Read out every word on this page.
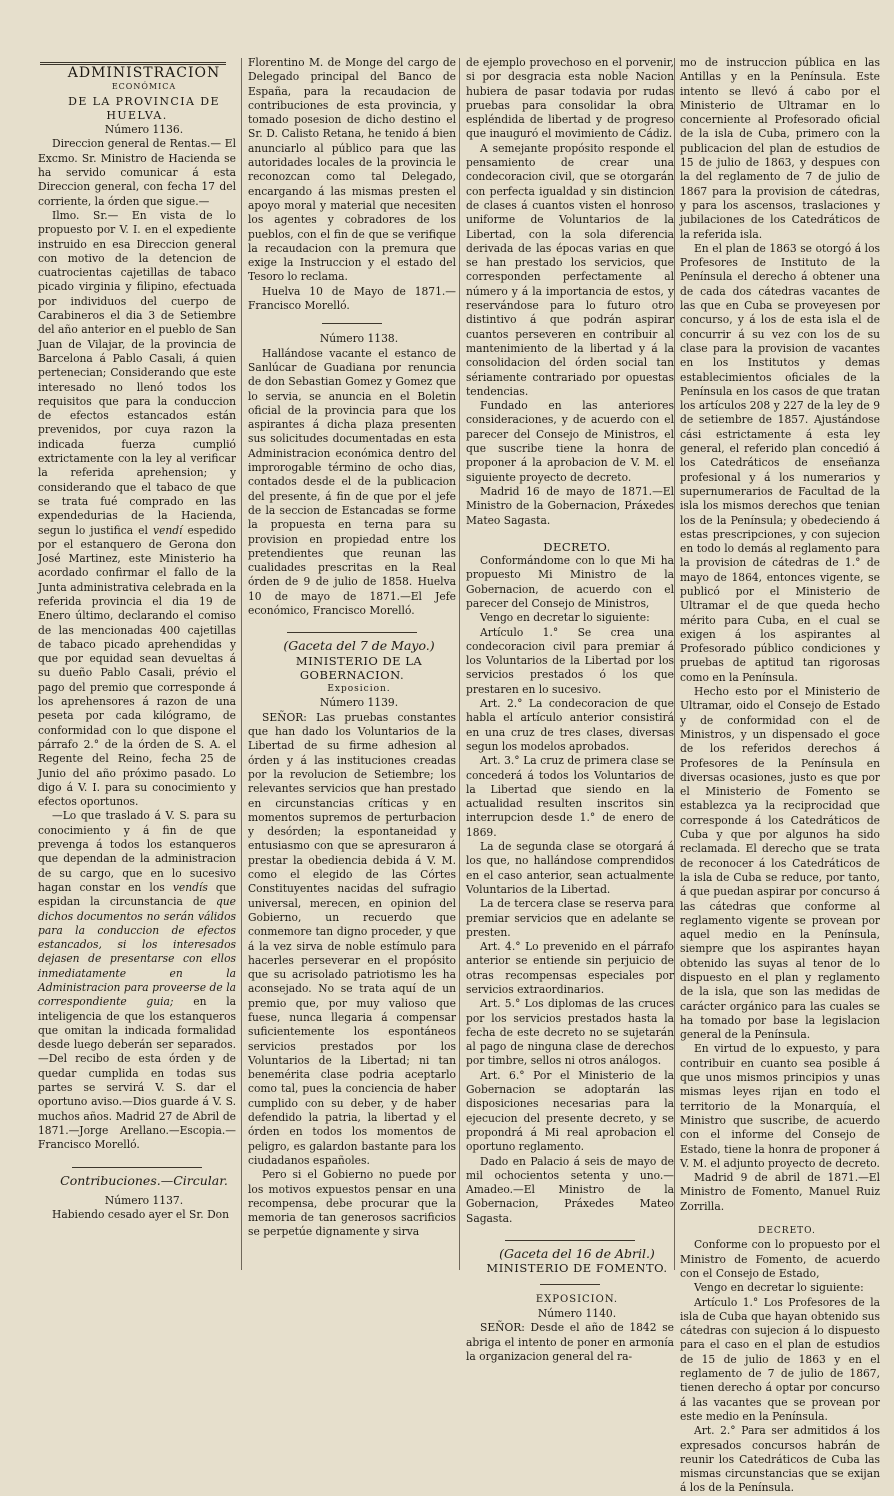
ADMINISTRACION

ECONÓMICA

DE LA PROVINCIA DE HUELVA.

Número 1136.

Direccion general de Rentas.— El Excmo. Sr. Ministro de Hacienda se ha servido comunicar á esta Direccion general, con fecha 17 del corriente, la órden que sigue.—

Ilmo. Sr.— En vista de lo propuesto por V. I. en el expediente instruido en esa Direccion general con motivo de la detencion de cuatrocientas cajetillas de tabaco picado virginia y filipino, efectuada por individuos del cuerpo de Carabineros el dia 3 de Setiembre del año anterior en el pueblo de San Juan de Vilajar, de la provincia de Barcelona á Pablo Casali, á quien pertenecian; Considerando que este interesado no llenó todos los requisitos que para la conduccion de efectos estancados están prevenidos, por cuya razon la indicada fuerza cumplió extrictamente con la ley al verificar la referida aprehension; y considerando que el tabaco de que se trata fué comprado en las expendedurias de la Hacienda, segun lo justifica el vendí espedido por el estanquero de Gerona don José Martinez, este Ministerio ha acordado confirmar el fallo de la Junta administrativa celebrada en la referida provincia el dia 19 de Enero último, declarando el comiso de las mencionadas 400 cajetillas de tabaco picado aprehendidas y que por equidad sean devueltas á su dueño Pablo Casali, prévio el pago del premio que corresponde á los aprehensores á razon de una peseta por cada kilógramo, de conformidad con lo que dispone el párrafo 2.° de la órden de S. A. el Regente del Reino, fecha 25 de Junio del año próximo pasado. Lo digo á V. I. para su conocimiento y efectos oportunos.

—Lo que traslado á V. S. para su conocimiento y á fin de que prevenga á todos los estanqueros que dependan de la administracion de su cargo, que en lo sucesivo hagan constar en los vendís que espidan la circunstancia de que dichos documentos no serán válidos para la conduccion de efectos estancados, si los interesados dejasen de presentarse con ellos inmediatamente en la Administracion para proveerse de la correspondiente guia; en la inteligencia de que los estanqueros que omitan la indicada formalidad desde luego deberán ser separados.—Del recibo de esta órden y de quedar cumplida en todas sus partes se servirá V. S. dar el oportuno aviso.—Dios guarde á V. S. muchos años. Madrid 27 de Abril de 1871.—Jorge Arellano.—Escopia.—Francisco Morelló.

Contribuciones.—Circular.

Número 1137.

Habiendo cesado ayer el Sr. Don

Florentino M. de Monge del cargo de Delegado principal del Banco de España, para la recaudacion de contribuciones de esta provincia, y tomado posesion de dicho destino el Sr. D. Calisto Retana, he tenido á bien anunciarlo al público para que las autoridades locales de la provincia le reconozcan como tal Delegado, encargando á las mismas presten el apoyo moral y material que necesiten los agentes y cobradores de los pueblos, con el fin de que se verifique la recaudacion con la premura que exige la Instruccion y el estado del Tesoro lo reclama.

Huelva 10 de Mayo de 1871.— Francisco Morelló.

Número 1138.

Hallándose vacante el estanco de Sanlúcar de Guadiana por renuncia de don Sebastian Gomez y Gomez que lo servia, se anuncia en el Boletin oficial de la provincia para que los aspirantes á dicha plaza presenten sus solicitudes documentadas en esta Administracion económica dentro del improrogable término de ocho dias, contados desde el de la publicacion del presente, á fin de que por el jefe de la seccion de Estancadas se forme la propuesta en terna para su provision en propiedad entre los pretendientes que reunan las cualidades prescritas en la Real órden de 9 de julio de 1858. Huelva 10 de mayo de 1871.—El Jefe económico, Francisco Morelló.

(Gaceta del 7 de Mayo.)

MINISTERIO DE LA GOBERNACION.

Exposicion.

Número 1139.

SEÑOR: Las pruebas constantes que han dado los Voluntarios de la Libertad de su firme adhesion al órden y á las instituciones creadas por la revolucion de Setiembre; los relevantes servicios que han prestado en circunstancias críticas y en momentos supremos de perturbacion y desórden; la espontaneidad y entusiasmo con que se apresuraron á prestar la obediencia debida á V. M. como el elegido de las Córtes Constituyentes nacidas del sufragio universal, merecen, en opinion del Gobierno, un recuerdo que conmemore tan digno proceder, y que á la vez sirva de noble estímulo para hacerles perseverar en el propósito que su acrisolado patriotismo les ha aconsejado. No se trata aquí de un premio que, por muy valioso que fuese, nunca llegaria á compensar suficientemente los espontáneos servicios prestados por los Voluntarios de la Libertad; ni tan benemérita clase podria aceptarlo como tal, pues la conciencia de haber cumplido con su deber, y de haber defendido la patria, la libertad y el órden en todos los momentos de peligro, es galardon bastante para los ciudadanos españoles.

Pero si el Gobierno no puede por los motivos expuestos pensar en una recompensa, debe procurar que la memoria de tan generosos sacrificios se perpetúe dignamente y sirva

de ejemplo provechoso en el porvenir, si por desgracia esta noble Nacion hubiera de pasar todavia por rudas pruebas para consolidar la obra espléndida de libertad y de progreso que inauguró el movimiento de Cádiz.

A semejante propósito responde el pensamiento de crear una condecoracion civil, que se otorgarán con perfecta igualdad y sin distincion de clases á cuantos visten el honroso uniforme de Voluntarios de la Libertad, con la sola diferencia derivada de las épocas varias en que se han prestado los servicios, que corresponden perfectamente al número y á la importancia de estos, y reservándose para lo futuro otro distintivo á que podrán aspirar cuantos perseveren en contribuir al mantenimiento de la libertad y á la consolidacion del órden social tan sériamente contrariado por opuestas tendencias.

Fundado en las anteriores consideraciones, y de acuerdo con el parecer del Consejo de Ministros, el que suscribe tiene la honra de proponer á la aprobacion de V. M. el siguiente proyecto de decreto.

Madrid 16 de mayo de 1871.—El Ministro de la Gobernacion, Práxedes Mateo Sagasta.

DECRETO.

Conformándome con lo que Mi ha propuesto Mi Ministro de la Gobernacion, de acuerdo con el parecer del Consejo de Ministros,

Vengo en decretar lo siguiente:

Artículo 1.° Se crea una condecoracion civil para premiar á los Voluntarios de la Libertad por los servicios prestados ó los que prestaren en lo sucesivo.

Art. 2.° La condecoracion de que habla el artículo anterior consistirá en una cruz de tres clases, diversas segun los modelos aprobados.

Art. 3.° La cruz de primera clase se concederá á todos los Voluntarios de la Libertad que siendo en la actualidad resulten inscritos sin interrupcion desde 1.° de enero de 1869.

La de segunda clase se otorgará á los que, no hallándose comprendidos en el caso anterior, sean actualmente Voluntarios de la Libertad.

La de tercera clase se reserva para premiar servicios que en adelante se presten.

Art. 4.° Lo prevenido en el párrafo anterior se entiende sin perjuicio de otras recompensas especiales por servicios extraordinarios.

Art. 5.° Los diplomas de las cruces por los servicios prestados hasta la fecha de este decreto no se sujetarán al pago de ninguna clase de derechos por timbre, sellos ni otros análogos.

Art. 6.° Por el Ministerio de la Gobernacion se adoptarán las disposiciones necesarias para la ejecucion del presente decreto, y se propondrá á Mi real aprobacion el oportuno reglamento.

Dado en Palacio á seis de mayo de mil ochocientos setenta y uno.— Amadeo.—El Ministro de la Gobernacion, Práxedes Mateo Sagasta.

(Gaceta del 16 de Abril.)

MINISTERIO DE FOMENTO.

EXPOSICION.

Número 1140.

SEÑOR: Desde el año de 1842 se abriga el intento de poner en armonía la organizacion general del ra-

mo de instruccion pública en las Antillas y en la Península. Este intento se llevó á cabo por el Ministerio de Ultramar en lo concerniente al Profesorado oficial de la isla de Cuba, primero con la publicacion del plan de estudios de 15 de julio de 1863, y despues con la del reglamento de 7 de julio de 1867 para la provision de cátedras, y para los ascensos, traslaciones y jubilaciones de los Catedráticos de la referida isla.

En el plan de 1863 se otorgó á los Profesores de Instituto de la Península el derecho á obtener una de cada dos cátedras vacantes de las que en Cuba se proveyesen por concurso, y á los de esta isla el de concurrir á su vez con los de su clase para la provision de vacantes en los Institutos y demas establecimientos oficiales de la Península en los casos de que tratan los artículos 208 y 227 de la ley de 9 de setiembre de 1857. Ajustándose cási estrictamente á esta ley general, el referido plan concedió á los Catedráticos de enseñanza profesional y á los numerarios y supernumerarios de Facultad de la isla los mismos derechos que tenian los de la Península; y obedeciendo á estas prescripciones, y con sujecion en todo lo demás al reglamento para la provision de cátedras de 1.° de mayo de 1864, entonces vigente, se publicó por el Ministerio de Ultramar el de que queda hecho mérito para Cuba, en el cual se exigen á los aspirantes al Profesorado público condiciones y pruebas de aptitud tan rigorosas como en la Península.

Hecho esto por el Ministerio de Ultramar, oido el Consejo de Estado y de conformidad con el de Ministros, y un dispensado el goce de los referidos derechos á Profesores de la Península en diversas ocasiones, justo es que por el Ministerio de Fomento se establezca ya la reciprocidad que corresponde á los Catedráticos de Cuba y que por algunos ha sido reclamada. El derecho que se trata de reconocer á los Catedráticos de la isla de Cuba se reduce, por tanto, á que puedan aspirar por concurso á las cátedras que conforme al reglamento vigente se provean por aquel medio en la Península, siempre que los aspirantes hayan obtenido las suyas al tenor de lo dispuesto en el plan y reglamento de la isla, que son las medidas de carácter orgánico para las cuales se ha tomado por base la legislacion general de la Península.

En virtud de lo expuesto, y para contribuir en cuanto sea posible á que unos mismos principios y unas mismas leyes rijan en todo el territorio de la Monarquía, el Ministro que suscribe, de acuerdo con el informe del Consejo de Estado, tiene la honra de proponer á V. M. el adjunto proyecto de decreto.

Madrid 9 de abril de 1871.—El Ministro de Fomento, Manuel Ruiz Zorrilla.

DECRETO.

Conforme con lo propuesto por el Ministro de Fomento, de acuerdo con el Consejo de Estado,

Vengo en decretar lo siguiente:

Artículo 1.° Los Profesores de la isla de Cuba que hayan obtenido sus cátedras con sujecion á lo dispuesto para el caso en el plan de estudios de 15 de julio de 1863 y en el reglamento de 7 de julio de 1867, tienen derecho á optar por concurso á las vacantes que se provean por este medio en la Península.

Art. 2.° Para ser admitidos á los expresados concursos habrán de reunir los Catedráticos de Cuba las mismas circunstancias que se exijan á los de la Península.
